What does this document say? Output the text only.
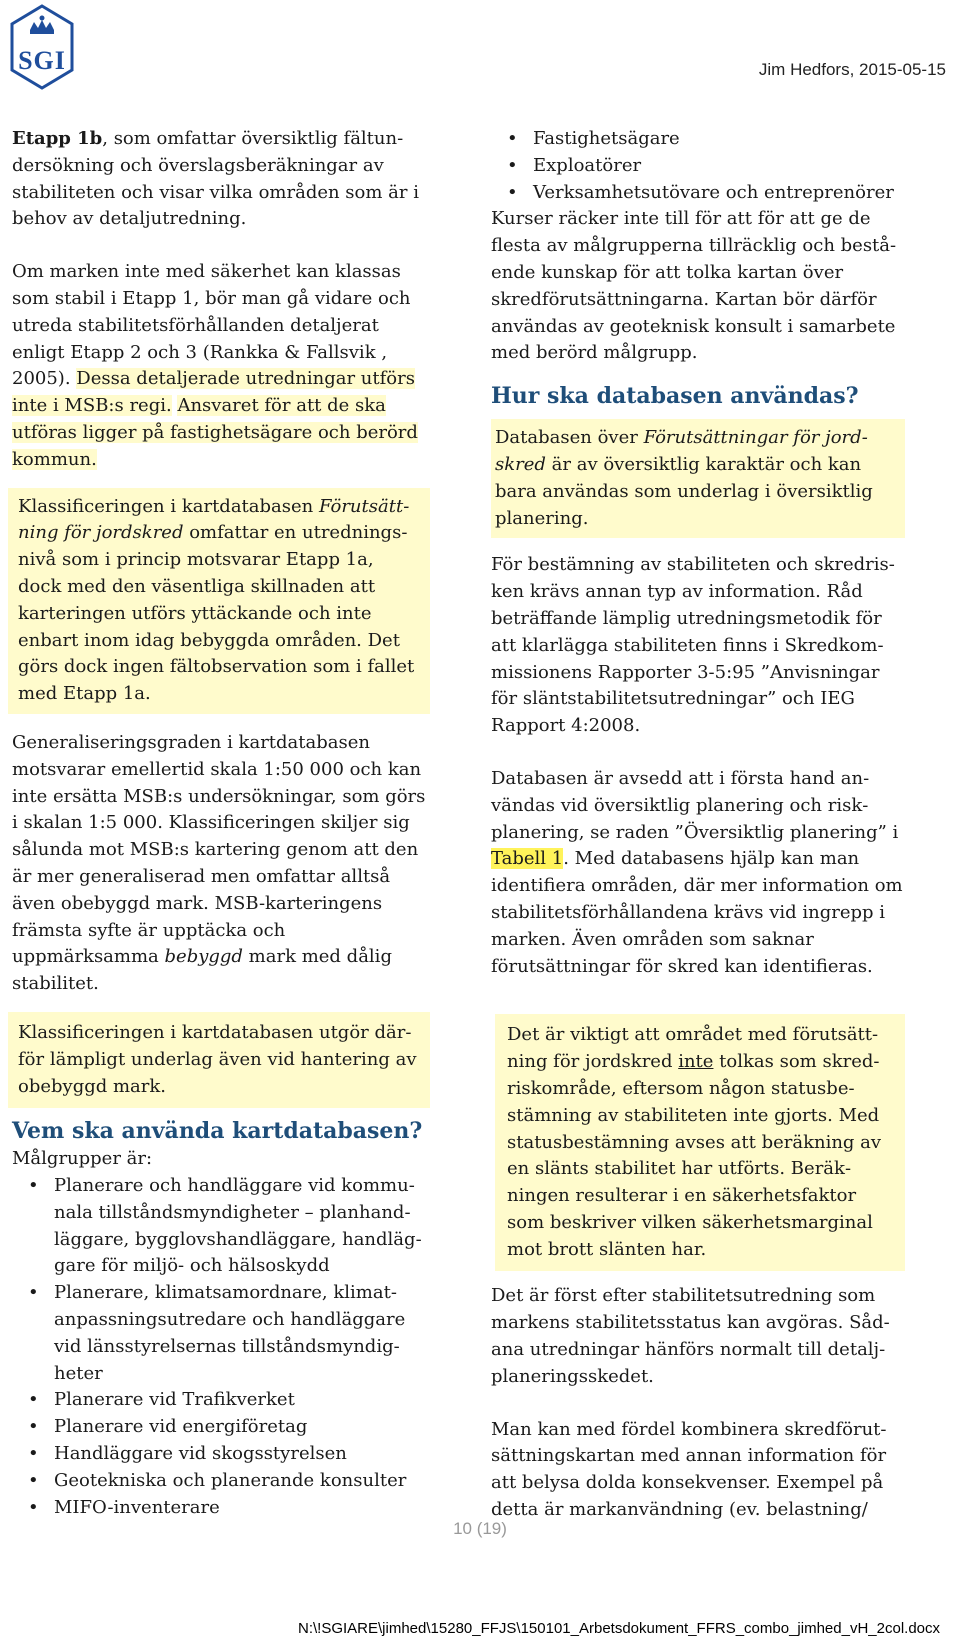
SGI	Jim Hedfors, 2015-05-15

Etapp 1b, som omfattar översiktlig fältundersökning och överslagsberäkningar av stabiliteten och visar vilka områden som är i behov av detaljutredning.

Om marken inte med säkerhet kan klassas som stabil i Etapp 1, bör man gå vidare och utreda stabilitetsförhållanden detaljerat enligt Etapp 2 och 3 (Rankka & Fallsvik , 2005). Dessa detaljerade utredningar utförs inte i MSB:s regi. Ansvaret för att de ska utföras ligger på fastighetsägare och berörd kommun.

Klassificeringen i kartdatabasen Förutsättning för jordskred omfattar en utredningsnivå som i princip motsvarar Etapp 1a, dock med den väsentliga skillnaden att karteringen utförs yttäckande och inte enbart inom idag bebyggda områden. Det görs dock ingen fältobservation som i fallet med Etapp 1a.

Generaliseringsgraden i kartdatabasen motsvarar emellertid skala 1:50 000 och kan inte ersätta MSB:s undersökningar, som görs i skalan 1:5 000. Klassificeringen skiljer sig sålunda mot MSB:s kartering genom att den är mer generaliserad men omfattar alltså även obebyggd mark. MSB-karteringens främsta syfte är upptäcka och uppmärksamma bebyggd mark med dålig stabilitet.

Klassificeringen i kartdatabasen utgör därför lämpligt underlag även vid hantering av obebyggd mark.
Vem ska använda kartdatabasen?

Målgrupper är:

• Planerare och handläggare vid kommunala tillståndsmyndigheter – planhandläggare, bygglovshandläggare, handläggare för miljö- och hälsoskydd
• Planerare, klimatsamordnare, klimatanpassningsutredare och handläggare vid länsstyrelsernas tillståndsmyndigheter
• Planerare vid Trafikverket
• Planerare vid energiföretag
• Handläggare vid skogsstyrelsen
• Geotekniska och planerande konsulter
• MIFO-inventerare
• Fastighetsägare
• Exploatörer
• Verksamhetsutövare och entreprenörer

Kurser räcker inte till för att för att ge de flesta av målgrupperna tillräcklig och bestående kunskap för att tolka kartan över skredförutsättningarna. Kartan bör därför användas av geoteknisk konsult i samarbete med berörd målgrupp.

Hur ska databasen användas?
Databasen över Förutsättningar för jordskred är av översiktlig karaktär och kan bara användas som underlag i översiktlig planering.

För bestämning av stabiliteten och skredrisken krävs annan typ av information. Råd beträffande lämplig utredningsmetodik för att klarlägga stabiliteten finns i Skredkommissionens Rapporter 3-5:95 ”Anvisningar för släntstabilitetsutredningar” och IEG Rapport 4:2008.

Databasen är avsedd att i första hand användas vid översiktlig planering och riskplanering, se raden ”Översiktlig planering” i Tabell 1. Med databasens hjälp kan man identifiera områden, där mer information om stabilitetsförhållandena krävs vid ingrepp i marken. Även områden som saknar förutsättningar för skred kan identifieras.

Det är viktigt att området med förutsättning för jordskred inte tolkas som skredriskområde, eftersom någon statusbestämning av stabiliteten inte gjorts. Med statusbestämning avses att beräkning av en slänts stabilitet har utförts. Beräkningen resulterar i en säkerhetsfaktor som beskriver vilken säkerhetsmarginal mot brott slänten har.

Det är först efter stabilitetsutredning som markens stabilitetsstatus kan avgöras. Sådana utredningar hänförs normalt till detaljplaneringsskedet.

Man kan med fördel kombinera skredförutsättningskartan med annan information för att belysa dolda konsekvenser. Exempel på detta är markanvändning (ev. belastning/

10 (19)
N:\!SGIARE\jimhed\15280_FFJS\150101_Arbetsdokument_FFRS_combo_jimhed_vH_2col.docx
